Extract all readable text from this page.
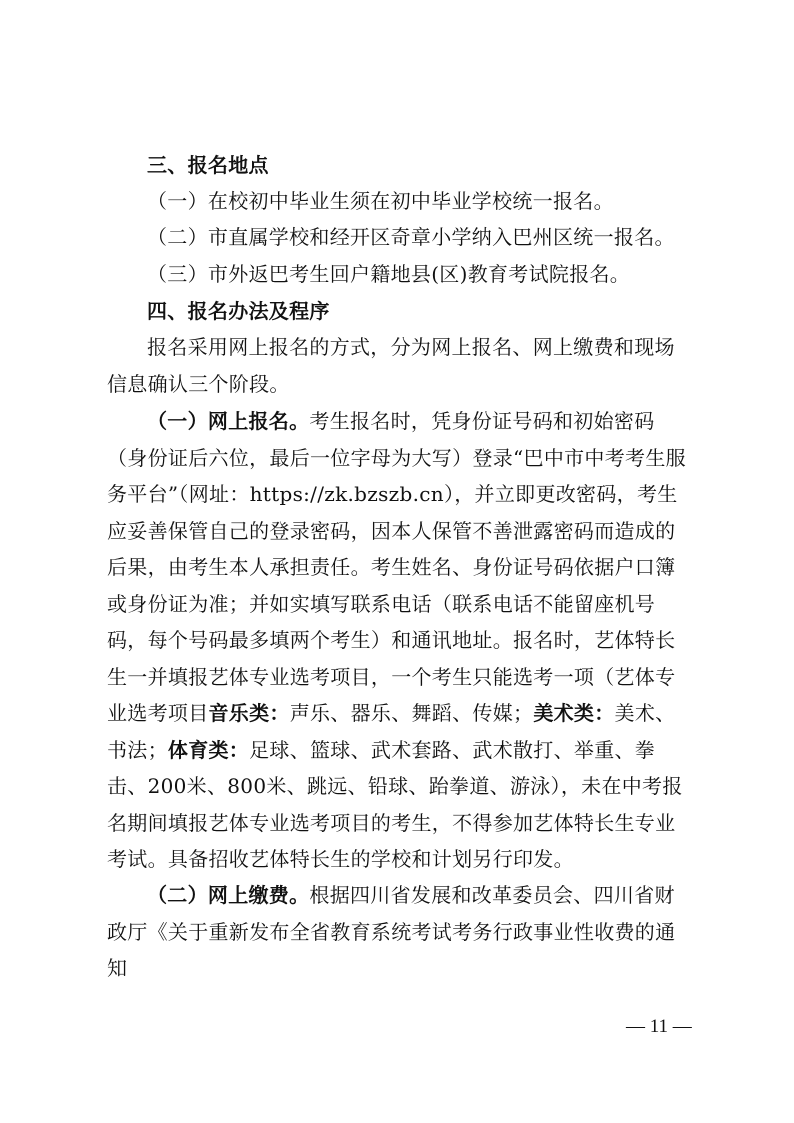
三、报名地点

（一）在校初中毕业生须在初中毕业学校统一报名。

（二）市直属学校和经开区奇章小学纳入巴州区统一报名。

（三）市外返巴考生回户籍地县(区)教育考试院报名。

四、报名办法及程序

报名采用网上报名的方式，分为网上报名、网上缴费和现场信息确认三个阶段。

（一）网上报名。考生报名时，凭身份证号码和初始密码（身份证后六位，最后一位字母为大写）登录“巴中市中考考生服务平台”（网址：https://zk.bzszb.cn），并立即更改密码，考生应妥善保管自己的登录密码，因本人保管不善泄露密码而造成的后果，由考生本人承担责任。考生姓名、身份证号码依据户口簿或身份证为准；并如实填写联系电话（联系电话不能留座机号码，每个号码最多填两个考生）和通讯地址。报名时，艺体特长生一并填报艺体专业选考项目，一个考生只能选考一项（艺体专业选考项目音乐类：声乐、器乐、舞蹈、传媒；美术类：美术、书法；体育类：足球、篮球、武术套路、武术散打、举重、拳击、200米、800米、跳远、铅球、跆拳道、游泳），未在中考报名期间填报艺体专业选考项目的考生，不得参加艺体特长生专业考试。具备招收艺体特长生的学校和计划另行印发。

（二）网上缴费。根据四川省发展和改革委员会、四川省财政厅《关于重新发布全省教育系统考试考务行政事业性收费的通知

— 11 —
